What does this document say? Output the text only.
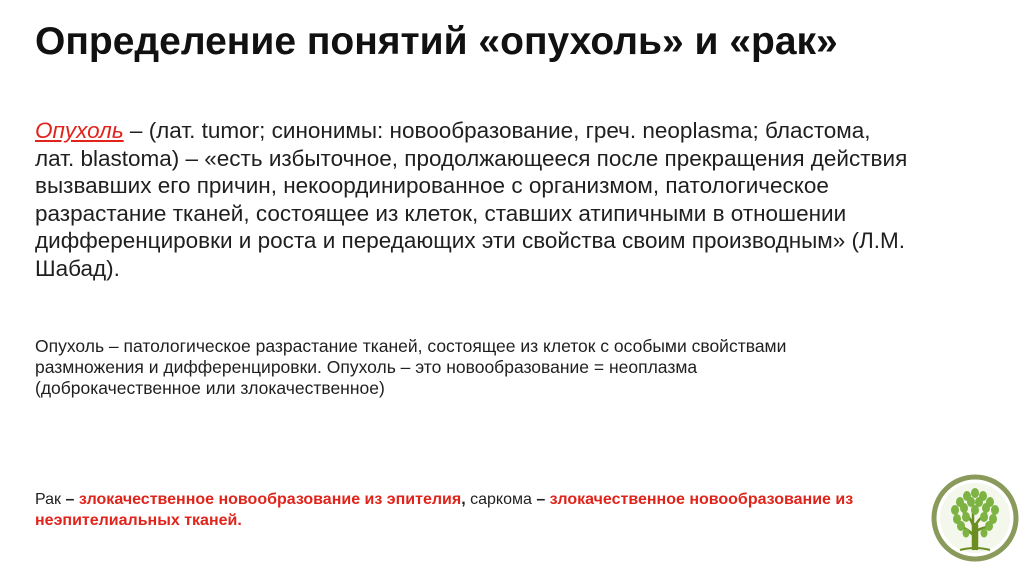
Определение понятий «опухоль» и «рак»

Опухоль – (лат. tumor; синонимы: новообразование, греч. neoplasma; бластома, лат. blastoma) – «есть избыточное, продолжающееся после прекращения действия вызвавших его причин, некоординированное с организмом, патологическое разрастание тканей, состоящее из клеток, ставших атипичными в отношении дифференцировки и роста и передающих эти свойства своим производным» (Л.М. Шабад).

Опухоль – патологическое разрастание тканей, состоящее из клеток с особыми свойствами размножения и дифференцировки. Опухоль – это новообразование = неоплазма (доброкачественное или злокачественное)

Рак – злокачественное новообразование из эпителия, саркома – злокачественное новообразование из неэпителиальных тканей.
